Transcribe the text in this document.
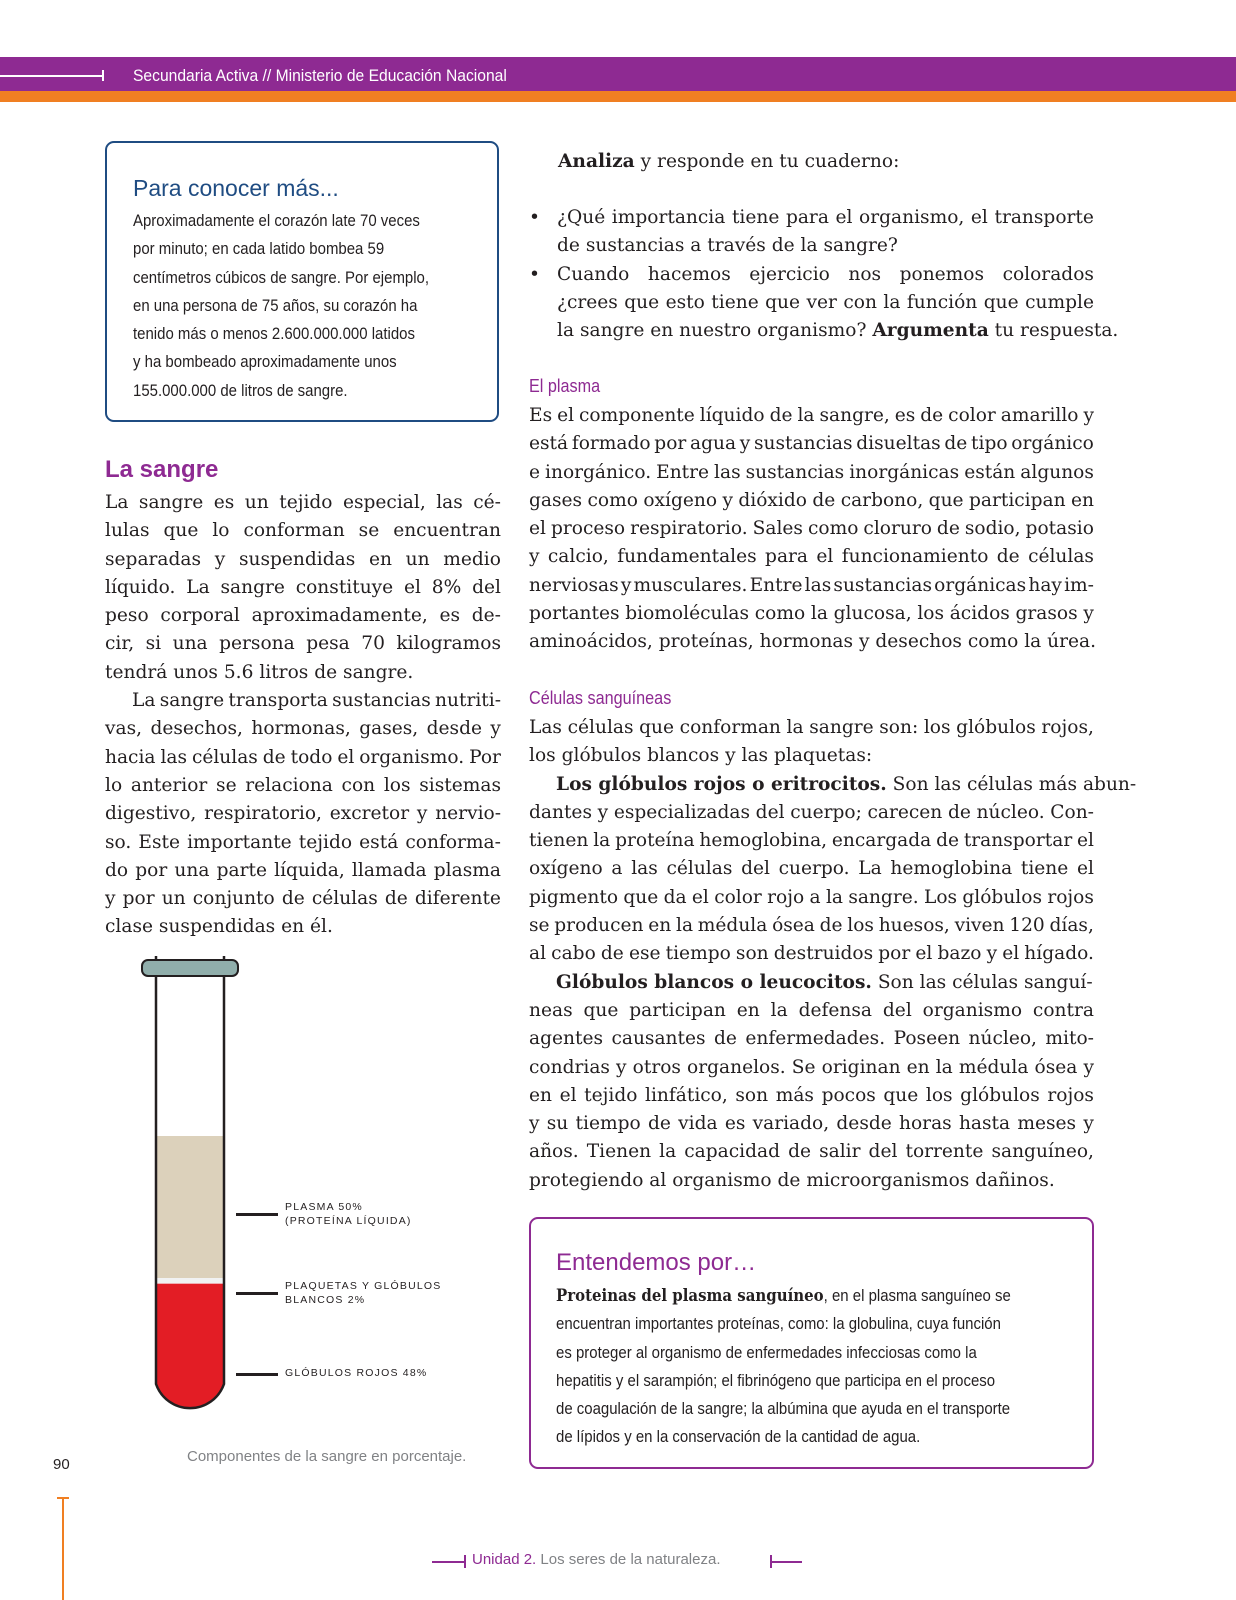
Secundaria Activa // Ministerio de Educación Nacional
Para conocer más...
Aproximadamente el corazón late 70 veces
por minuto; en cada latido bombea 59
centímetros cúbicos de sangre. Por ejemplo,
en una persona de 75 años, su corazón ha
tenido más o menos 2.600.000.000 latidos
y ha bombeado aproximadamente unos
155.000.000 de litros de sangre.
La sangre
La sangre es un tejido especial, las cé-
lulas que lo conforman se encuentran
separadas y suspendidas en un medio
líquido. La sangre constituye el 8% del
peso corporal aproximadamente, es de-
cir, si una persona pesa 70 kilogramos
tendrá unos 5.6 litros de sangre.
La sangre transporta sustancias nutriti-
vas, desechos, hormonas, gases, desde y
hacia las células de todo el organismo. Por
lo anterior se relaciona con los sistemas
digestivo, respiratorio, excretor y nervio-
so. Este importante tejido está conforma-
do por una parte líquida, llamada plasma
y por un conjunto de células de diferente
clase suspendidas en él.
PLASMA 50%
(PROTEÍNA LÍQUIDA)
PLAQUETAS Y GLÓBULOS
BLANCOS 2%
GLÓBULOS ROJOS 48%
Componentes de la sangre en porcentaje.
Analiza y responde en tu cuaderno:
• ¿Qué importancia tiene para el organismo, el transporte
de sustancias a través de la sangre?
• Cuando hacemos ejercicio nos ponemos colorados
¿crees que esto tiene que ver con la función que cumple
la sangre en nuestro organismo? Argumenta tu respuesta.
El plasma
Es el componente líquido de la sangre, es de color amarillo y
está formado por agua y sustancias disueltas de tipo orgánico
e inorgánico. Entre las sustancias inorgánicas están algunos
gases como oxígeno y dióxido de carbono, que participan en
el proceso respiratorio. Sales como cloruro de sodio, potasio
y calcio, fundamentales para el funcionamiento de células
nerviosas y musculares. Entre las sustancias orgánicas hay im-
portantes biomoléculas como la glucosa, los ácidos grasos y
aminoácidos, proteínas, hormonas y desechos como la úrea.
Células sanguíneas
Las células que conforman la sangre son: los glóbulos rojos,
los glóbulos blancos y las plaquetas:
Los glóbulos rojos o eritrocitos. Son las células más abun-
dantes y especializadas del cuerpo; carecen de núcleo. Con-
tienen la proteína hemoglobina, encargada de transportar el
oxígeno a las células del cuerpo. La hemoglobina tiene el
pigmento que da el color rojo a la sangre. Los glóbulos rojos
se producen en la médula ósea de los huesos, viven 120 días,
al cabo de ese tiempo son destruidos por el bazo y el hígado.
Glóbulos blancos o leucocitos. Son las células sanguí-
neas que participan en la defensa del organismo contra
agentes causantes de enfermedades. Poseen núcleo, mito-
condrias y otros organelos. Se originan en la médula ósea y
en el tejido linfático, son más pocos que los glóbulos rojos
y su tiempo de vida es variado, desde horas hasta meses y
años. Tienen la capacidad de salir del torrente sanguíneo,
protegiendo al organismo de microorganismos dañinos.
Entendemos por…
Proteinas del plasma sanguíneo, en el plasma sanguíneo se
encuentran importantes proteínas, como: la globulina, cuya función
es proteger al organismo de enfermedades infecciosas como la
hepatitis y el sarampión; el fibrinógeno que participa en el proceso
de coagulación de la sangre; la albúmina que ayuda en el transporte
de lípidos y en la conservación de la cantidad de agua.
90
Unidad 2. Los seres de la naturaleza.
